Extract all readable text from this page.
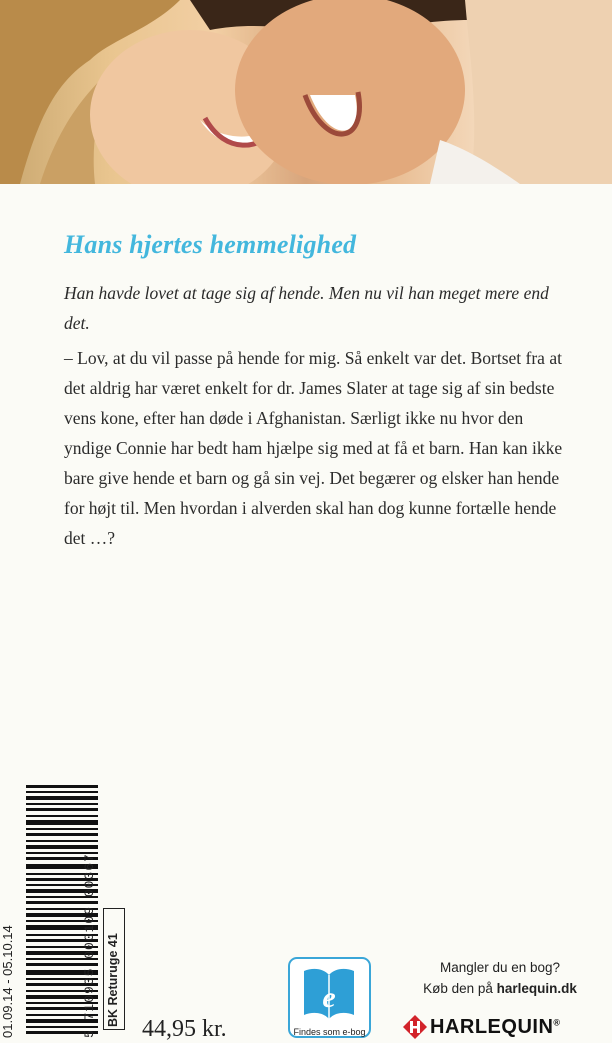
Hans hjertes hemmelighed
Han havde lovet at tage sig af hende. Men nu vil han meget mere end det.

– Lov, at du vil passe på hende for mig. Så enkelt var det. Bortset fra at det aldrig har været enkelt for dr. James Slater at tage sig af sin bedste vens kone, efter han døde i Afghanistan. Særligt ikke nu hvor den yndige Connie har bedt ham hjælpe sig med at få et barn. Han kan ikke bare give hende et barn og gå sin vej. Det begærer og elsker han hende for højt til. Men hvordan i alverden skal han dog kunne fortælle hende det …?

01.09.14 - 05.10.14	5 710935 000109 00367 BK Returuge 41
44,95 kr.
e
Findes som e-bog
Mangler du en bog?
Køb den på harlequin.dk
HARLEQUIN®
